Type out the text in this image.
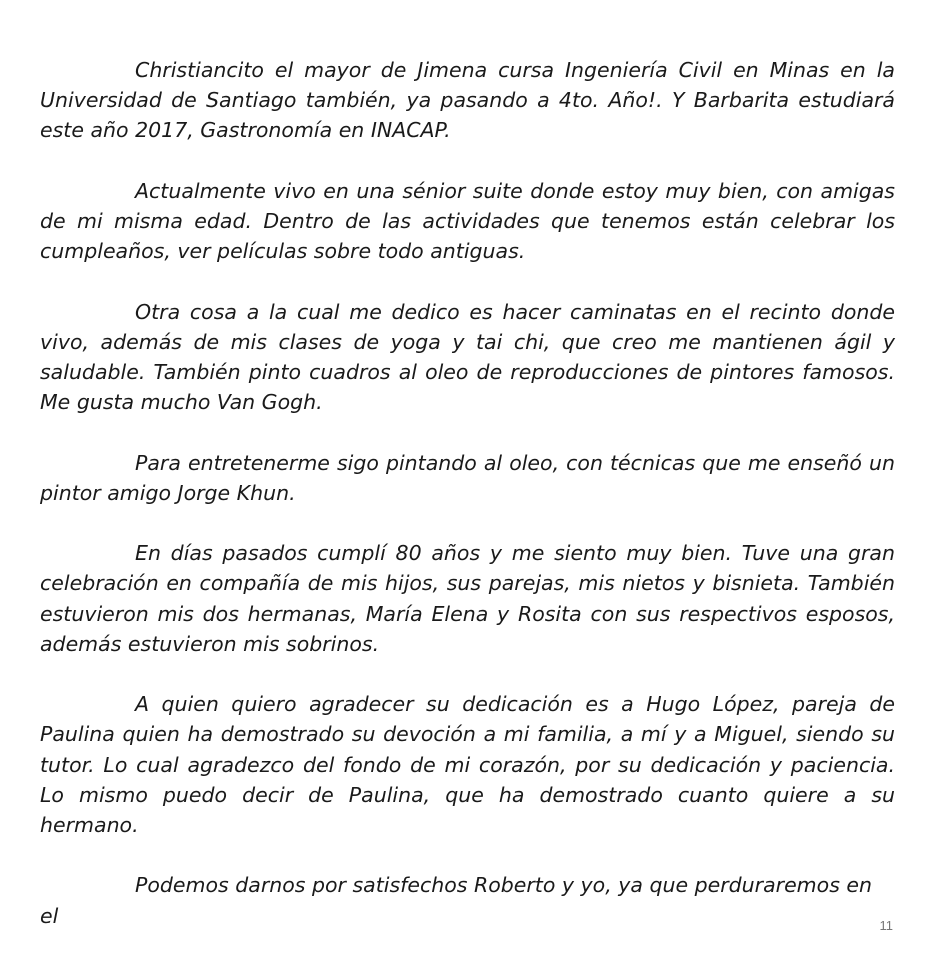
Christiancito el mayor de Jimena cursa Ingeniería Civil en Minas en la Universidad de Santiago también, ya pasando a 4to. Año!. Y Barbarita estudiará este año 2017, Gastronomía en INACAP.

Actualmente vivo en una sénior suite donde estoy muy bien, con amigas de mi misma edad. Dentro de las actividades que tenemos están celebrar los cumpleaños, ver películas sobre todo antiguas.

Otra cosa a la cual me dedico es hacer caminatas en el recinto donde vivo, además de mis clases de yoga y tai chi, que creo me mantienen ágil y saludable. También pinto cuadros al oleo de reproducciones de pintores famosos. Me gusta mucho Van Gogh.

Para entretenerme sigo pintando al oleo, con técnicas que me enseñó un pintor amigo Jorge Khun.

En días pasados cumplí 80 años y me siento muy bien. Tuve una gran celebración en compañía de mis hijos, sus parejas, mis nietos y bisnieta. También estuvieron mis dos hermanas, María Elena y Rosita con sus respectivos esposos, además estuvieron mis sobrinos.

A quien quiero agradecer su dedicación es a Hugo López, pareja de Paulina quien ha demostrado su devoción a mi familia, a mí y a Miguel, siendo su tutor. Lo cual agradezco del fondo de mi corazón, por su dedicación y paciencia. Lo mismo puedo decir de Paulina, que ha demostrado cuanto quiere a su hermano.

Podemos darnos por satisfechos Roberto y yo, ya que perduraremos en el	11
